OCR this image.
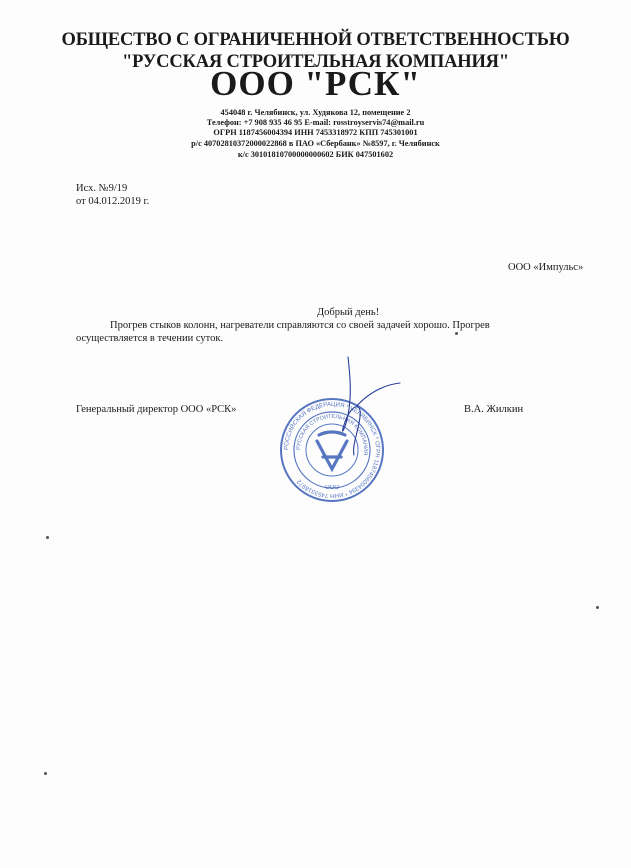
ОБЩЕСТВО С ОГРАНИЧЕННОЙ ОТВЕТСТВЕННОСТЬЮ
"РУССКАЯ СТРОИТЕЛЬНАЯ КОМПАНИЯ"
ООО "РСК"
454048 г. Челябинск, ул. Худякова 12, помещение 2
Телефон: +7 908 935 46 95 E-mail: rosstroyservis74@mail.ru
ОГРН 1187456004394 ИНН 7453318972 КПП 745301001
р/с 40702810372000022868 в ПАО «Сбербанк» №8597, г. Челябинск
к/с 30101810700000000602 БИК 047501602
Исх. №9/19
от 04.012.2019 г.
ООО «Импульс»
Добрый день!
Прогрев стыков колонн, нагреватели справляются со своей задачей хорошо. Прогрев
осуществляется в течении суток.
Генеральный директор ООО «РСК»	В.А. Жилкин
РОССИЙСКАЯ ФЕДЕРАЦИЯ * ЧЕЛЯБИНСК * ОГРН 1187456004394 * ИНН 7453318972
РУССКАЯ СТРОИТЕЛЬНАЯ КОМПАНИЯ
ООО
